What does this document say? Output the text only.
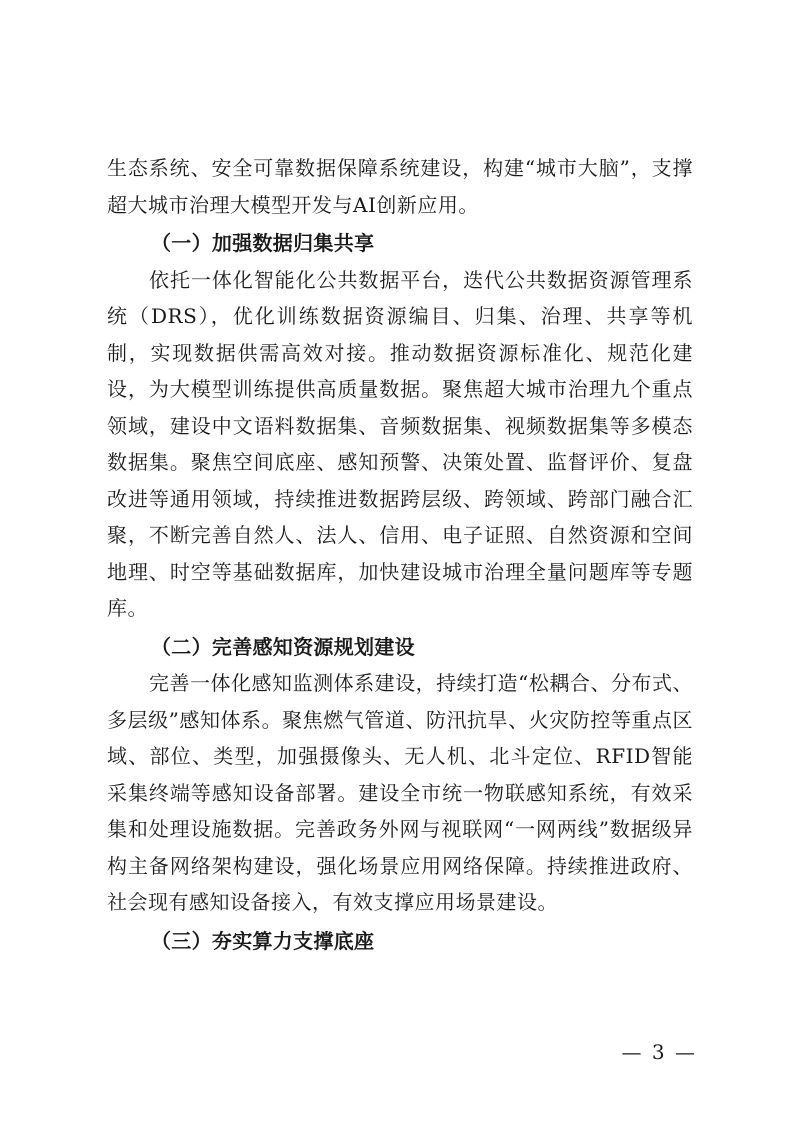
生态系统、安全可靠数据保障系统建设，构建“城市大脑”，支撑超大城市治理大模型开发与AI创新应用。

（一）加强数据归集共享

依托一体化智能化公共数据平台，迭代公共数据资源管理系统（DRS），优化训练数据资源编目、归集、治理、共享等机制，实现数据供需高效对接。推动数据资源标准化、规范化建设，为大模型训练提供高质量数据。聚焦超大城市治理九个重点领域，建设中文语料数据集、音频数据集、视频数据集等多模态数据集。聚焦空间底座、感知预警、决策处置、监督评价、复盘改进等通用领域，持续推进数据跨层级、跨领域、跨部门融合汇聚，不断完善自然人、法人、信用、电子证照、自然资源和空间地理、时空等基础数据库，加快建设城市治理全量问题库等专题库。

（二）完善感知资源规划建设

完善一体化感知监测体系建设，持续打造“松耦合、分布式、多层级”感知体系。聚焦燃气管道、防汛抗旱、火灾防控等重点区域、部位、类型，加强摄像头、无人机、北斗定位、RFID智能采集终端等感知设备部署。建设全市统一物联感知系统，有效采集和处理设施数据。完善政务外网与视联网“一网两线”数据级异构主备网络架构建设，强化场景应用网络保障。持续推进政府、社会现有感知设备接入，有效支撑应用场景建设。

（三）夯实算力支撑底座
— 3 —
